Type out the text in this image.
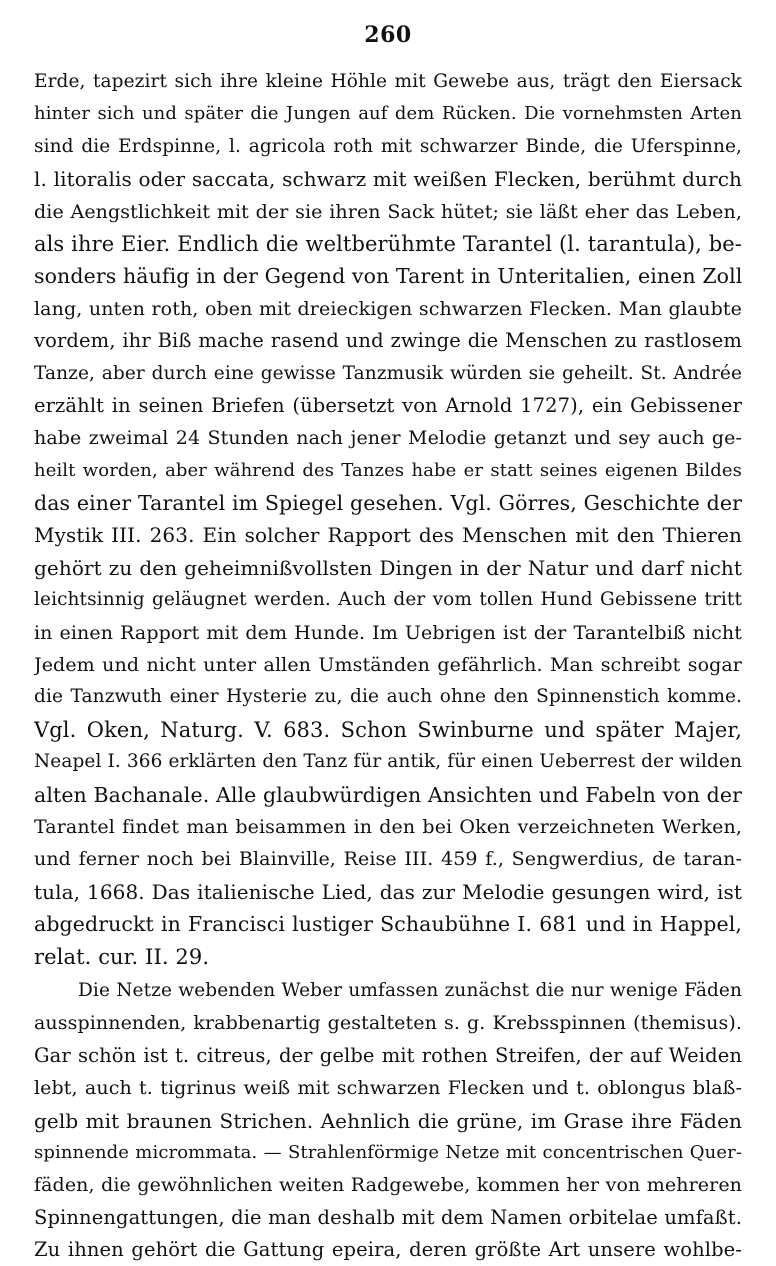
260
Erde, tapezirt sich ihre kleine Höhle mit Gewebe aus, trägt den Eiersack
hinter sich und später die Jungen auf dem Rücken. Die vornehmsten Arten
sind die Erdspinne, l. agricola roth mit schwarzer Binde, die Uferspinne,
l. litoralis oder saccata, schwarz mit weißen Flecken, berühmt durch
die Aengstlichkeit mit der sie ihren Sack hütet; sie läßt eher das Leben,
als ihre Eier. Endlich die weltberühmte Tarantel (l. tarantula), be-
sonders häufig in der Gegend von Tarent in Unteritalien, einen Zoll
lang, unten roth, oben mit dreieckigen schwarzen Flecken. Man glaubte
vordem, ihr Biß mache rasend und zwinge die Menschen zu rastlosem
Tanze, aber durch eine gewisse Tanzmusik würden sie geheilt. St. Andrée
erzählt in seinen Briefen (übersetzt von Arnold 1727), ein Gebissener
habe zweimal 24 Stunden nach jener Melodie getanzt und sey auch ge-
heilt worden, aber während des Tanzes habe er statt seines eigenen Bildes
das einer Tarantel im Spiegel gesehen. Vgl. Görres, Geschichte der
Mystik III. 263. Ein solcher Rapport des Menschen mit den Thieren
gehört zu den geheimnißvollsten Dingen in der Natur und darf nicht
leichtsinnig geläugnet werden. Auch der vom tollen Hund Gebissene tritt
in einen Rapport mit dem Hunde. Im Uebrigen ist der Tarantelbiß nicht
Jedem und nicht unter allen Umständen gefährlich. Man schreibt sogar
die Tanzwuth einer Hysterie zu, die auch ohne den Spinnenstich komme.
Vgl. Oken, Naturg. V. 683. Schon Swinburne und später Majer,
Neapel I. 366 erklärten den Tanz für antik, für einen Ueberrest der wilden
alten Bachanale. Alle glaubwürdigen Ansichten und Fabeln von der
Tarantel findet man beisammen in den bei Oken verzeichneten Werken,
und ferner noch bei Blainville, Reise III. 459 f., Sengwerdius, de taran-
tula, 1668. Das italienische Lied, das zur Melodie gesungen wird, ist
abgedruckt in Francisci lustiger Schaubühne I. 681 und in Happel,
relat. cur. II. 29.
Die Netze webenden Weber umfassen zunächst die nur wenige Fäden
ausspinnenden, krabbenartig gestalteten s. g. Krebsspinnen (themisus).
Gar schön ist t. citreus, der gelbe mit rothen Streifen, der auf Weiden
lebt, auch t. tigrinus weiß mit schwarzen Flecken und t. oblongus blaß-
gelb mit braunen Strichen. Aehnlich die grüne, im Grase ihre Fäden
spinnende micrommata. — Strahlenförmige Netze mit concentrischen Quer-
fäden, die gewöhnlichen weiten Radgewebe, kommen her von mehreren
Spinnengattungen, die man deshalb mit dem Namen orbitelae umfaßt.
Zu ihnen gehört die Gattung epeira, deren größte Art unsere wohlbe-
